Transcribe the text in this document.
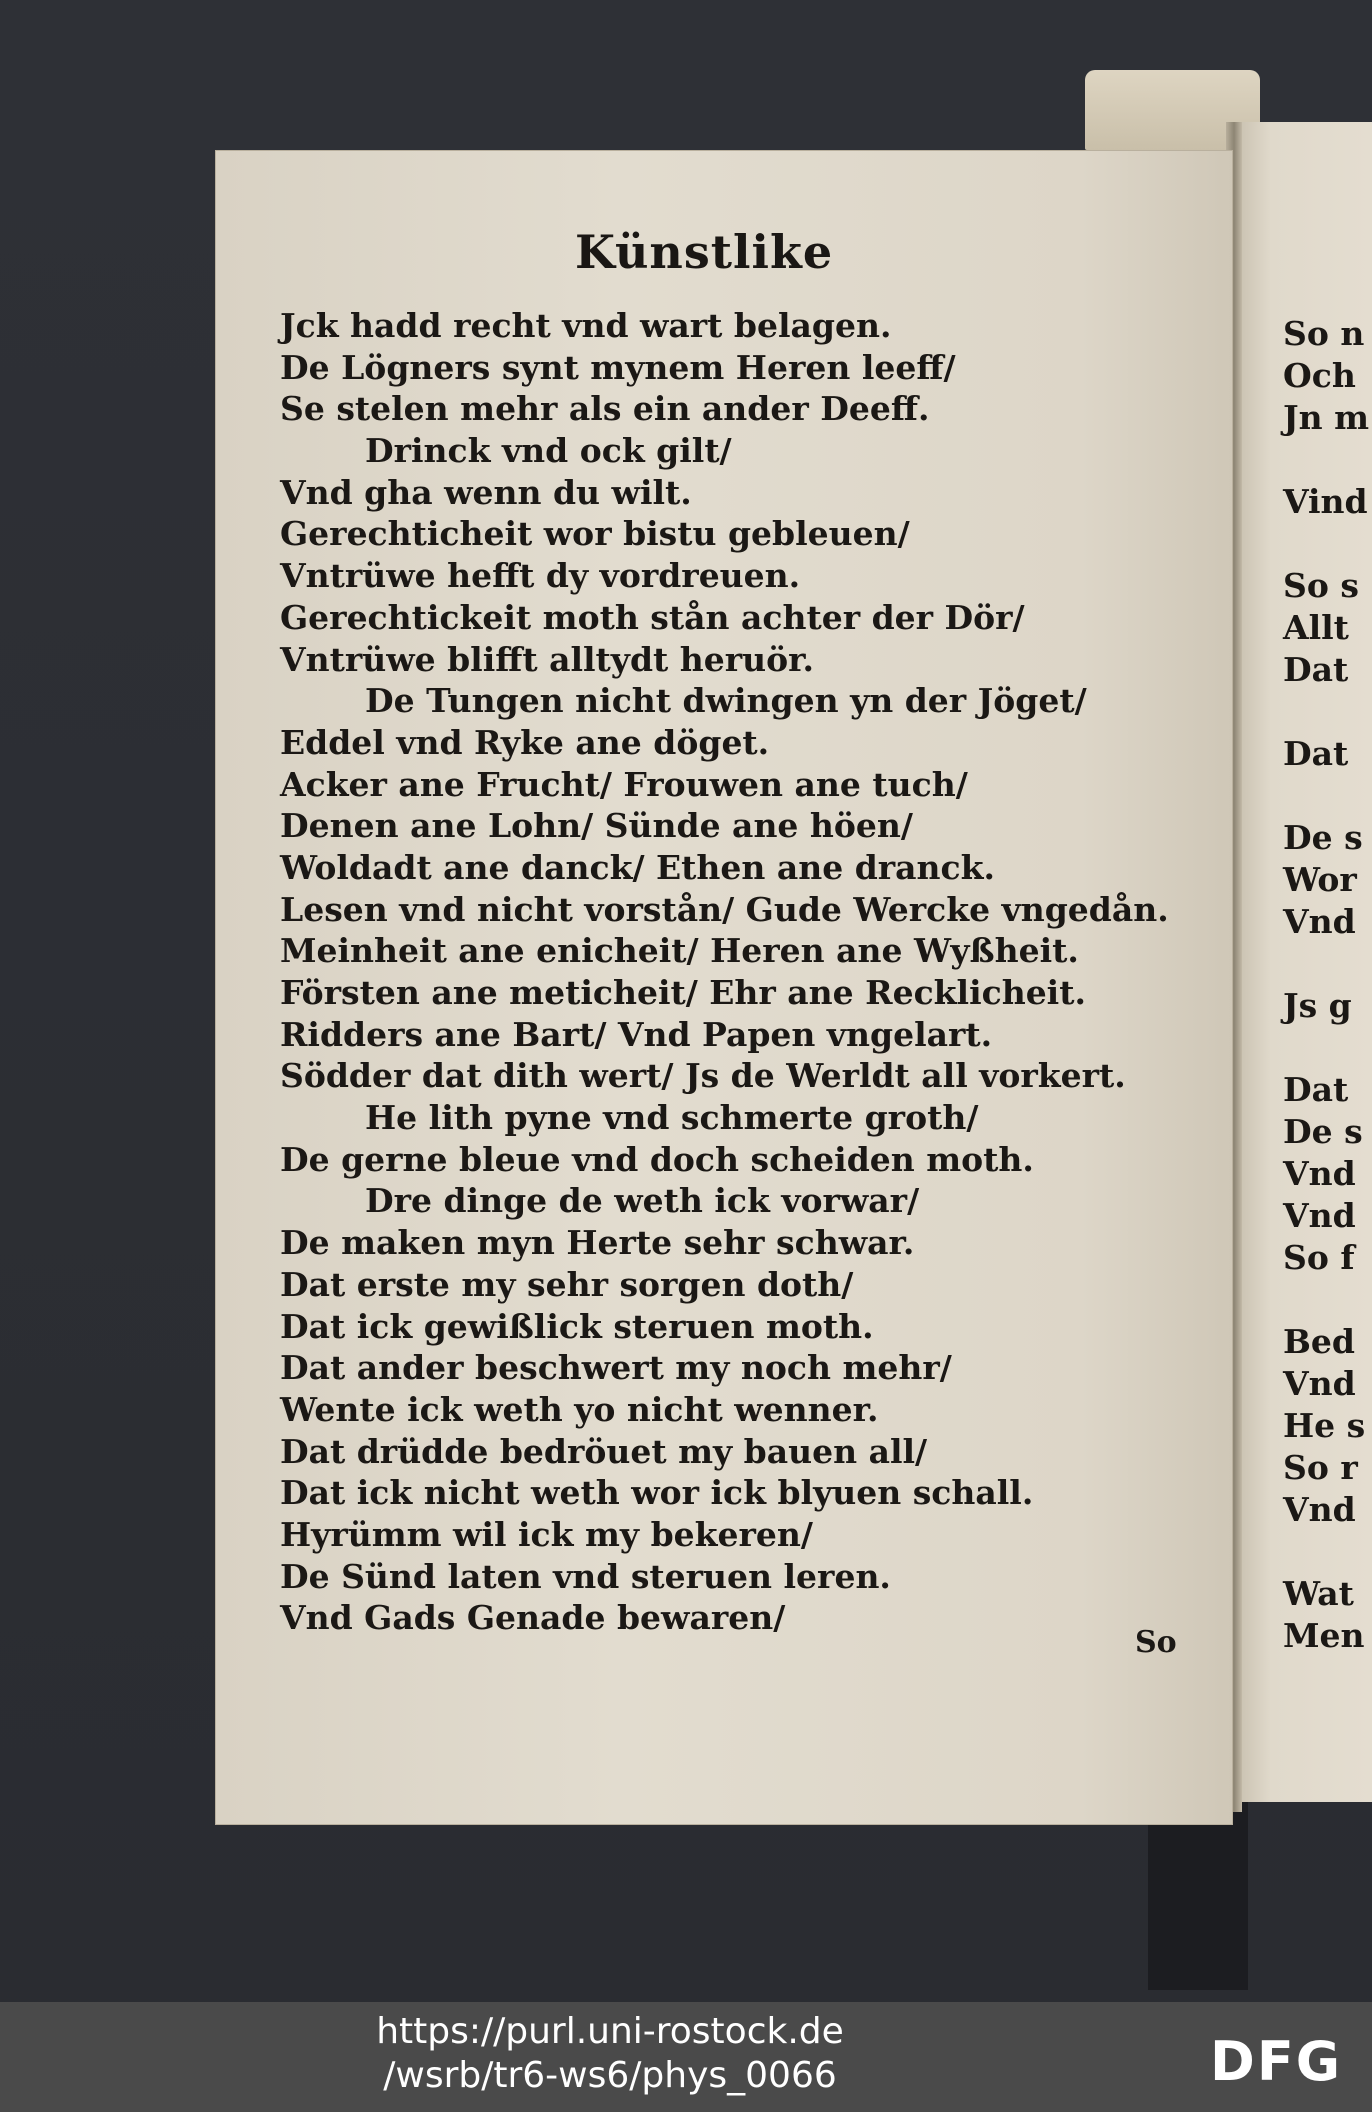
Künstlike
Jck hadd recht vnd wart belagen.
De Lögners synt mynem Heren leeff/
Se stelen mehr als ein ander Deeff.
Drinck vnd ock gilt/
Vnd gha wenn du wilt.
Gerechticheit wor bistu gebleuen/
Vntrüwe hefft dy vordreuen.
Gerechtickeit moth stån achter der Dör/
Vntrüwe blifft alltydt heruör.
De Tungen nicht dwingen yn der Jöget/
Eddel vnd Ryke ane döget.
Acker ane Frucht/ Frouwen ane tuch/
Denen ane Lohn/ Sünde ane höen/
Woldadt ane danck/ Ethen ane dranck.
Lesen vnd nicht vorstån/ Gude Wercke vngedån.
Meinheit ane enicheit/ Heren ane Wyßheit.
Försten ane meticheit/ Ehr ane Recklicheit.
Ridders ane Bart/ Vnd Papen vngelart.
Södder dat dith wert/ Js de Werldt all vorkert.
He lith pyne vnd schmerte groth/
De gerne bleue vnd doch scheiden moth.
Dre dinge de weth ick vorwar/
De maken myn Herte sehr schwar.
Dat erste my sehr sorgen doth/
Dat ick gewißlick steruen moth.
Dat ander beschwert my noch mehr/
Wente ick weth yo nicht wenner.
Dat drüdde bedröuet my bauen all/
Dat ick nicht weth wor ick blyuen schall.
Hyrümm wil ick my bekeren/
De Sünd laten vnd steruen leren.
Vnd Gads Genade bewaren/
So
So n
Och
Jn m
Vind
So s
Allt
Dat
Dat
De s
Wor
Vnd
Js g
Dat
De s
Vnd
Vnd
So f
Bed
Vnd
He s
So r
Vnd
Wat
Men
https://purl.uni-rostock.de
/wsrb/tr6-ws6/phys_0066	DFG
